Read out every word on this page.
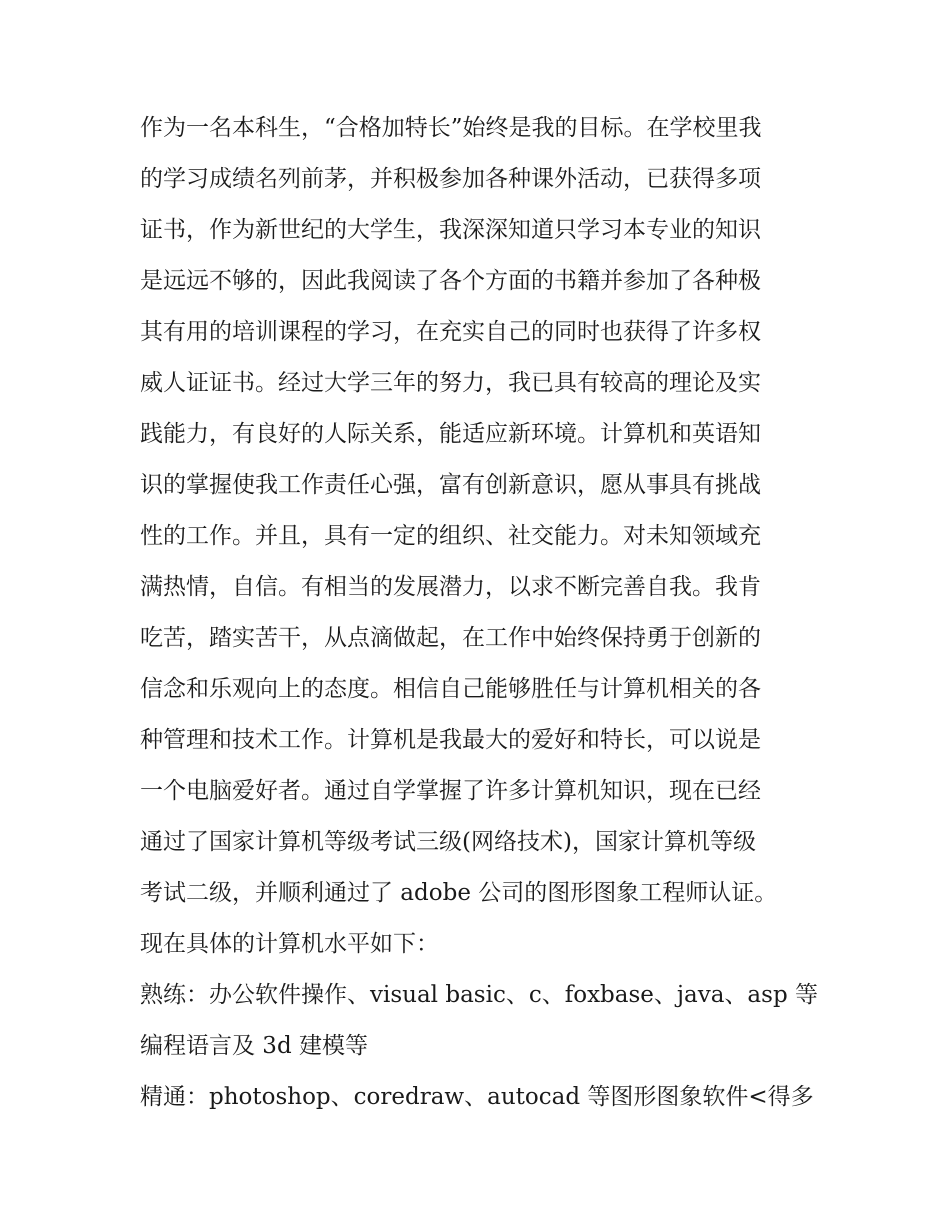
作为一名本科生，“合格加特长”始终是我的目标。在学校里我
的学习成绩名列前茅，并积极参加各种课外活动，已获得多项
证书，作为新世纪的大学生，我深深知道只学习本专业的知识
是远远不够的，因此我阅读了各个方面的书籍并参加了各种极
其有用的培训课程的学习，在充实自己的同时也获得了许多权
威人证证书。经过大学三年的努力，我已具有较高的理论及实
践能力，有良好的人际关系，能适应新环境。计算机和英语知
识的掌握使我工作责任心强，富有创新意识，愿从事具有挑战
性的工作。并且，具有一定的组织、社交能力。对未知领域充
满热情，自信。有相当的发展潜力，以求不断完善自我。我肯
吃苦，踏实苦干，从点滴做起，在工作中始终保持勇于创新的
信念和乐观向上的态度。相信自己能够胜任与计算机相关的各
种管理和技术工作。计算机是我最大的爱好和特长，可以说是
一个电脑爱好者。通过自学掌握了许多计算机知识，现在已经
通过了国家计算机等级考试三级(网络技术)，国家计算机等级
考试二级，并顺利通过了 adobe 公司的图形图象工程师认证。
现在具体的计算机水平如下：
熟练：办公软件操作、visual basic、c、foxbase、java、asp 等
编程语言及 3d 建模等
精通：photoshop、coredraw、autocad 等图形图象软件<得多
